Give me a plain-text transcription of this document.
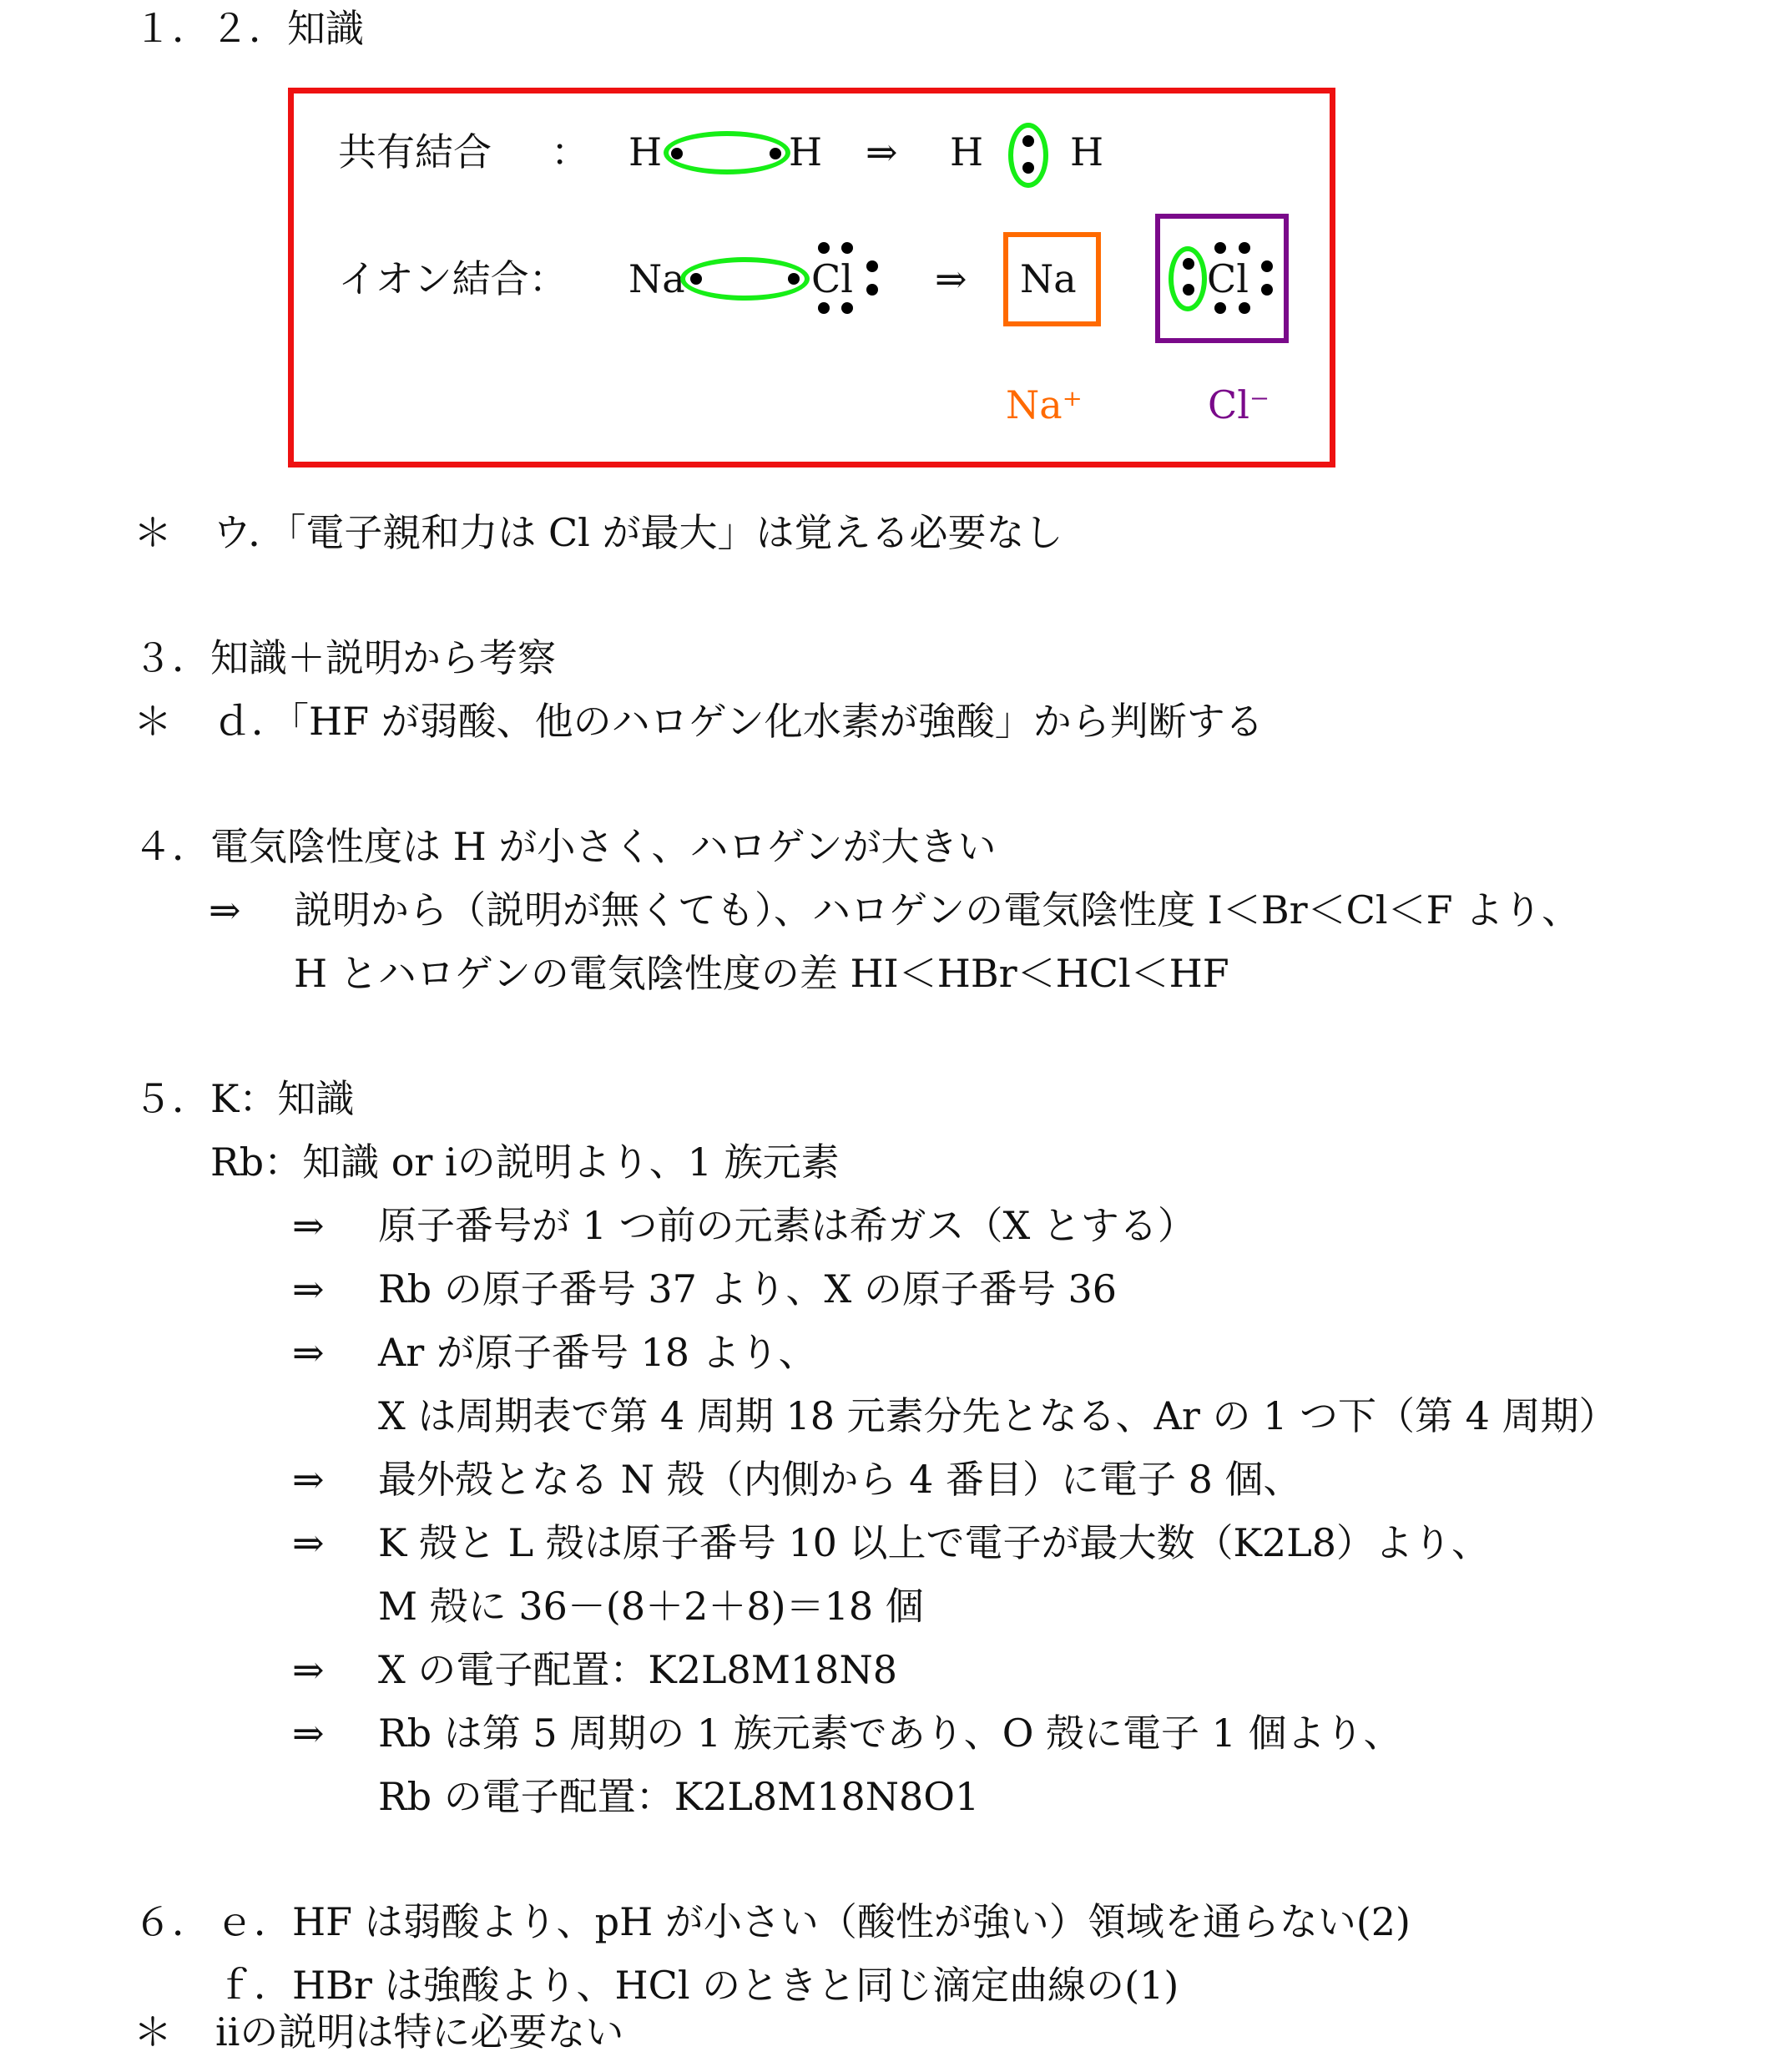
１．２．知識
共有結合 ： H	H ⇒ H H
イオン結合： Na	Cl ⇒ Na	Cl
Na⁺	Cl⁻
＊ ウ．「電子親和力は Cl が最大」は覚える必要なし
３．知識＋説明から考察
＊ ｄ．「HF が弱酸、他のハロゲン化水素が強酸」から判断する
４．電気陰性度は H が小さく、ハロゲンが大きい
⇒ 説明から（説明が無くても）、ハロゲンの電気陰性度 I＜Br＜Cl＜F より、
H とハロゲンの電気陰性度の差 HI＜HBr＜HCl＜HF
５．K：知識
Rb：知識 or ⅰの説明より、1 族元素
⇒ 原子番号が 1 つ前の元素は希ガス（X とする）
⇒ Rb の原子番号 37 より、X の原子番号 36
⇒ Ar が原子番号 18 より、
X は周期表で第 4 周期 18 元素分先となる、Ar の 1 つ下（第 4 周期）
⇒ 最外殻となる N 殻（内側から 4 番目）に電子 8 個、
⇒ K 殻と L 殻は原子番号 10 以上で電子が最大数（K2L8）より、
M 殻に 36－(8＋2＋8)＝18 個
⇒ X の電子配置：K2L8M18N8
⇒ Rb は第 5 周期の 1 族元素であり、O 殻に電子 1 個より、
Rb の電子配置：K2L8M18N8O1
６． ｅ．HF は弱酸より、pH が小さい（酸性が強い）領域を通らない(2)
ｆ．HBr は強酸より、HCl のときと同じ滴定曲線の(1)
＊ ⅱの説明は特に必要ない
